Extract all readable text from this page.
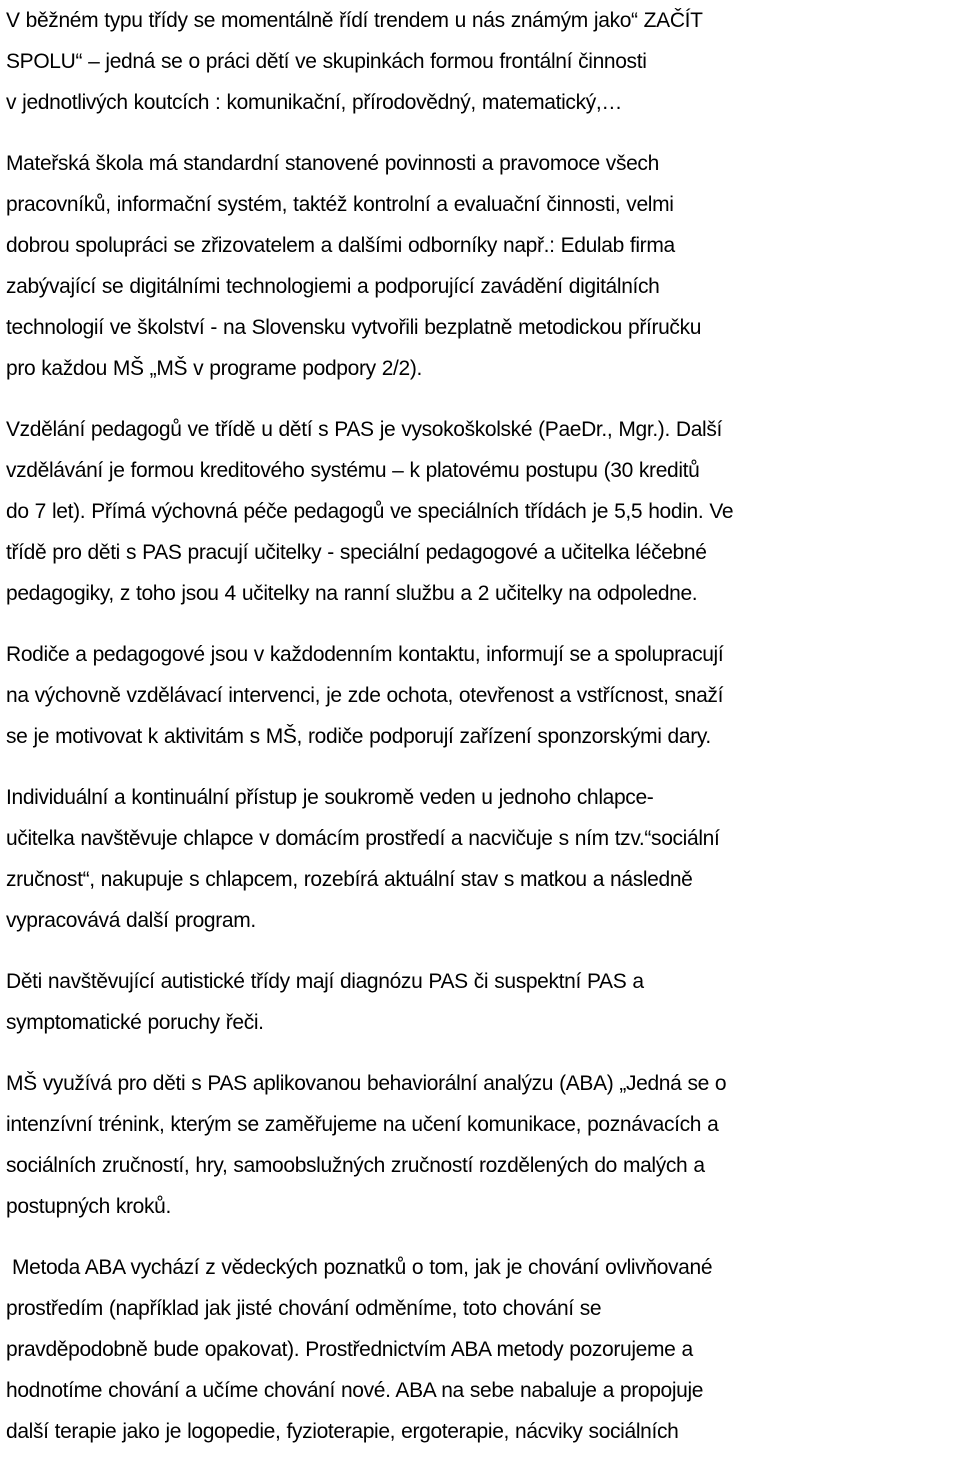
V běžném typu třídy se momentálně řídí trendem u nás známým jako“ ZAČÍT
SPOLU“ – jedná se o práci dětí ve skupinkách formou frontální činnosti
v jednotlivých koutcích : komunikační, přírodovědný, matematický,…
Mateřská škola má standardní stanovené povinnosti a pravomoce všech
pracovníků, informační systém, taktéž kontrolní a evaluační činnosti, velmi
dobrou spolupráci se zřizovatelem a dalšími odborníky např.: Edulab firma
zabývající se digitálními technologiemi a podporující zavádění digitálních
technologií ve školství - na Slovensku vytvořili bezplatně metodickou příručku
pro každou MŠ „MŠ v programe podpory 2/2).
Vzdělání pedagogů ve třídě u dětí s PAS je vysokoškolské (PaeDr., Mgr.). Další
vzdělávání je formou kreditového systému – k platovému postupu (30 kreditů
do 7 let). Přímá výchovná péče pedagogů ve speciálních třídách je 5,5 hodin. Ve
třídě pro děti s PAS pracují učitelky - speciální pedagogové a učitelka léčebné
pedagogiky, z toho jsou 4 učitelky na ranní službu a 2 učitelky na odpoledne.
Rodiče a pedagogové jsou v každodenním kontaktu, informují se a spolupracují
na výchovně vzdělávací intervenci, je zde ochota, otevřenost a vstřícnost, snaží
se je motivovat k aktivitám s MŠ, rodiče podporují zařízení sponzorskými dary.
Individuální a kontinuální přístup je soukromě veden u jednoho chlapce-
učitelka navštěvuje chlapce v domácím prostředí a nacvičuje s ním tzv.“sociální
zručnost“, nakupuje s chlapcem, rozebírá aktuální stav s matkou a následně
vypracovává další program.
Děti navštěvující autistické třídy mají diagnózu PAS či suspektní PAS a
symptomatické poruchy řeči.
MŠ využívá pro děti s PAS aplikovanou behaviorální analýzu (ABA) „Jedná se o
intenzívní trénink, kterým se zaměřujeme na učení komunikace, poznávacích a
sociálních zručností, hry, samoobslužných zručností rozdělených do malých a
postupných kroků.
Metoda ABA vychází z vědeckých poznatků o tom, jak je chování ovlivňované
prostředím (například jak jisté chování odměníme, toto chování se
pravděpodobně bude opakovat). Prostřednictvím ABA metody pozorujeme a
hodnotíme chování a učíme chování nové. ABA na sebe nabaluje a propojuje
další terapie jako je logopedie, fyzioterapie, ergoterapie, nácviky sociálních
